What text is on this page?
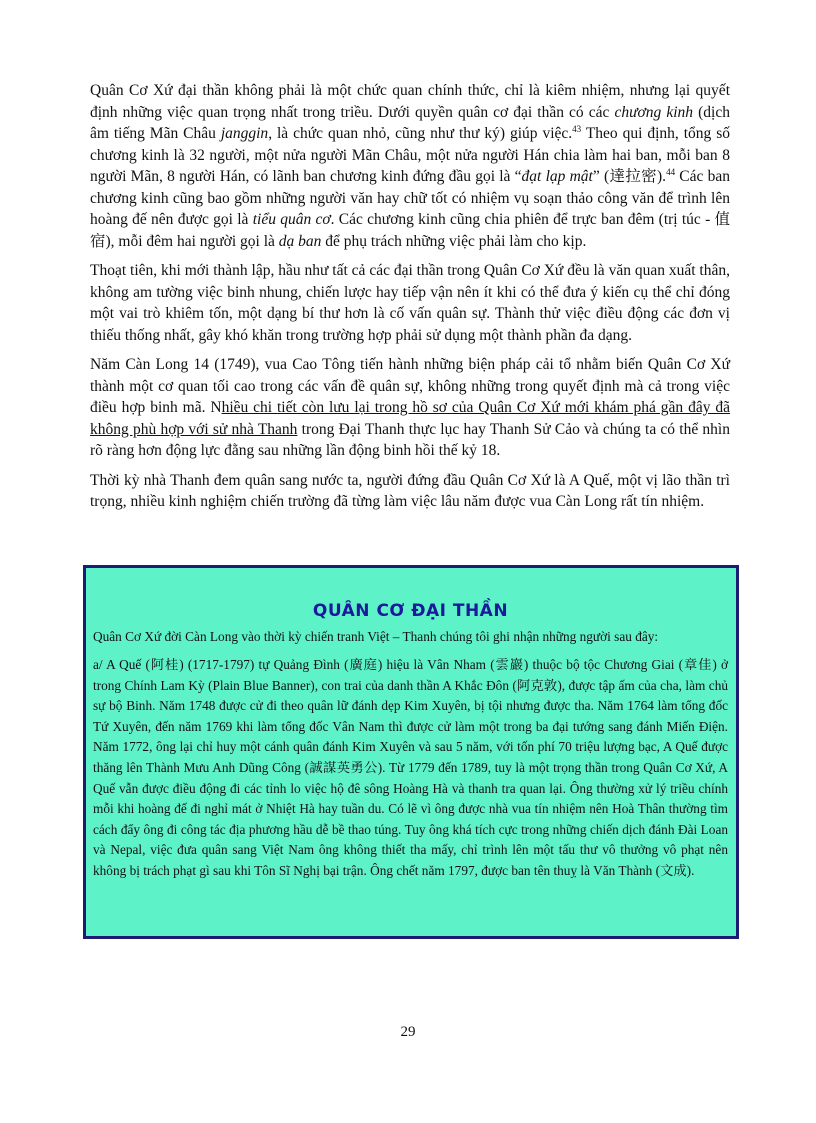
Quân Cơ Xứ đại thần không phải là một chức quan chính thức, chỉ là kiêm nhiệm, nhưng lại quyết định những việc quan trọng nhất trong triều. Dưới quyền quân cơ đại thần có các chương kinh (dịch âm tiếng Mãn Châu janggin, là chức quan nhỏ, cũng như thư ký) giúp việc.$^{43}$ Theo qui định, tổng số chương kinh là 32 người, một nửa người Mãn Châu, một nửa người Hán chia làm hai ban, mỗi ban 8 người Mãn, 8 người Hán, có lãnh ban chương kinh đứng đầu gọi là “đạt lạp mật” (達拉密).$^{44}$ Các ban chương kinh cũng bao gồm những người văn hay chữ tốt có nhiệm vụ soạn thảo công văn để trình lên hoàng đế nên được gọi là tiểu quân cơ. Các chương kinh cũng chia phiên để trực ban đêm (trị túc - 值宿), mỗi đêm hai người gọi là dạ ban để phụ trách những việc phải làm cho kịp.

Thoạt tiên, khi mới thành lập, hầu như tất cả các đại thần trong Quân Cơ Xứ đều là văn quan xuất thân, không am tường việc binh nhung, chiến lược hay tiếp vận nên ít khi có thể đưa ý kiến cụ thể chỉ đóng một vai trò khiêm tốn, một dạng bí thư hơn là cố vấn quân sự. Thành thử việc điều động các đơn vị thiếu thống nhất, gây khó khăn trong trường hợp phải sử dụng một thành phần đa dạng.

Năm Càn Long 14 (1749), vua Cao Tông tiến hành những biện pháp cải tổ nhằm biến Quân Cơ Xứ thành một cơ quan tối cao trong các vấn đề quân sự, không những trong quyết định mà cả trong việc điều hợp binh mã. Nhiều chi tiết còn lưu lại trong hồ sơ của Quân Cơ Xứ mới khám phá gần đây đã không phù hợp với sử nhà Thanh trong Đại Thanh thực lục hay Thanh Sử Cảo và chúng ta có thể nhìn rõ ràng hơn động lực đằng sau những lần động binh hồi thế kỷ 18.

Thời kỳ nhà Thanh đem quân sang nước ta, người đứng đầu Quân Cơ Xứ là A Quế, một vị lão thần trì trọng, nhiều kinh nghiệm chiến trường đã từng làm việc lâu năm được vua Càn Long rất tín nhiệm.

QUÂN CƠ ĐẠI THẦN

Quân Cơ Xứ đời Càn Long vào thời kỳ chiến tranh Việt – Thanh chúng tôi ghi nhận những người sau đây:

a/ A Quế (阿桂) (1717-1797) tự Quảng Đình (廣庭) hiệu là Vân Nham (雲巖) thuộc bộ tộc Chương Giai (章佳) ở trong Chính Lam Kỳ (Plain Blue Banner), con trai của danh thần A Khắc Đôn (阿克敦), được tập ấm của cha, làm chủ sự bộ Binh. Năm 1748 được cử đi theo quân lữ đánh dẹp Kim Xuyên, bị tội nhưng được tha. Năm 1764 làm tổng đốc Tứ Xuyên, đến năm 1769 khi làm tổng đốc Vân Nam thì được cử làm một trong ba đại tướng sang đánh Miến Điện. Năm 1772, ông lại chỉ huy một cánh quân đánh Kim Xuyên và sau 5 năm, với tốn phí 70 triệu lượng bạc, A Quế được thăng lên Thành Mưu Anh Dũng Công (誠謀英勇公). Từ 1779 đến 1789, tuy là một trọng thần trong Quân Cơ Xứ, A Quế vẫn được điều động đi các tỉnh lo việc hộ đê sông Hoàng Hà và thanh tra quan lại. Ông thường xử lý triều chính mỗi khi hoàng đế đi nghỉ mát ở Nhiệt Hà hay tuần du. Có lẽ vì ông được nhà vua tín nhiệm nên Hoà Thân thường tìm cách đẩy ông đi công tác địa phương hầu dễ bề thao túng. Tuy ông khá tích cực trong những chiến dịch đánh Đài Loan và Nepal, việc đưa quân sang Việt Nam ông không thiết tha mấy, chỉ trình lên một tấu thư vô thưởng vô phạt nên không bị trách phạt gì sau khi Tôn Sĩ Nghị bại trận. Ông chết năm 1797, được ban tên thuỵ là Văn Thành (文成).

29
